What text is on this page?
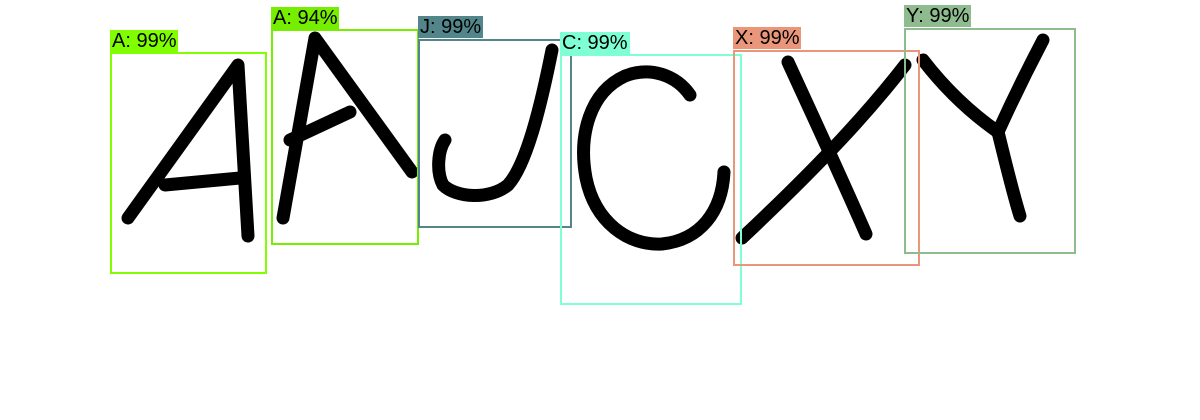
A: 99%
A: 94%	J: 99%
C: 99%	X: 99%
Y: 99%
